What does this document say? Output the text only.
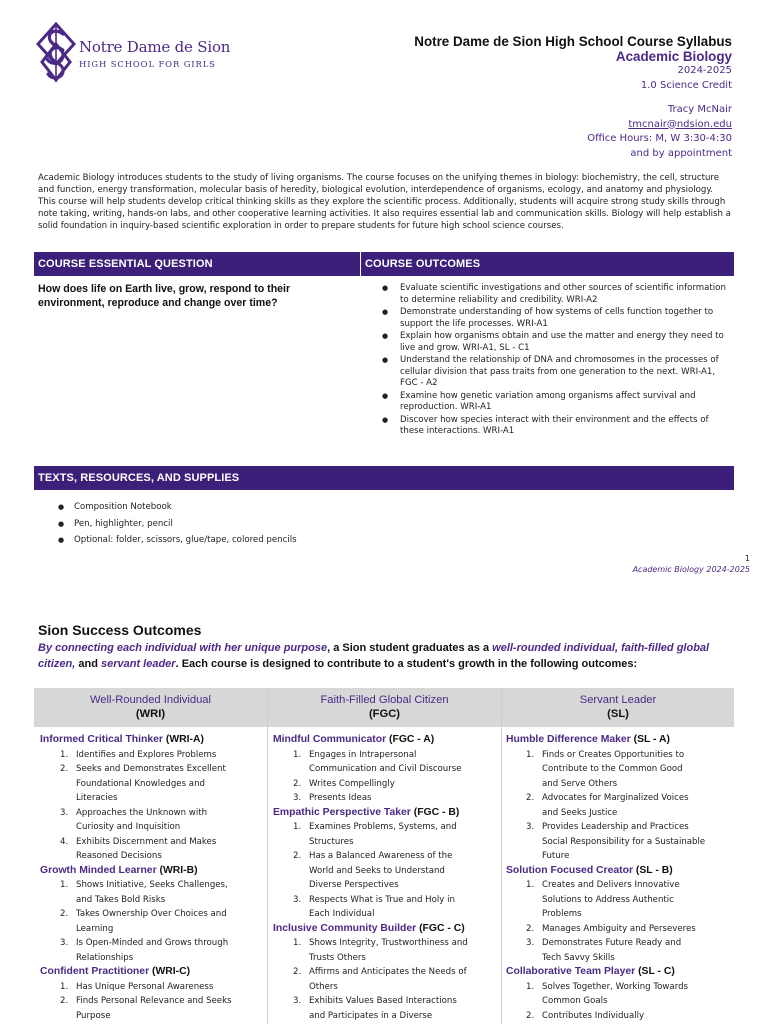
Notre Dame de Sion
HIGH SCHOOL FOR GIRLS
Notre Dame de Sion High School Course Syllabus
Academic Biology
2024-2025
1.0 Science Credit
Tracy McNair
tmcnair@ndsion.edu
Office Hours: M, W 3:30-4:30
and by appointment

Academic Biology introduces students to the study of living organisms. The course focuses on the unifying themes in biology: biochemistry, the cell, structure and function, energy transformation, molecular basis of heredity, biological evolution, interdependence of organisms, ecology, and anatomy and physiology. This course will help students develop critical thinking skills as they explore the scientific process. Additionally, students will acquire strong study skills through note taking, writing, hands-on labs, and other cooperative learning activities. It also requires essential lab and communication skills. Biology will help establish a solid foundation in inquiry-based scientific exploration in order to prepare students for future high school science courses.

COURSE ESSENTIAL QUESTION	COURSE OUTCOMES
How does life on Earth live, grow, respond to their environment, reproduce and change over time?
● Evaluate scientific investigations and other sources of scientific information to determine reliability and credibility. WRI-A2
● Demonstrate understanding of how systems of cells function together to support the life processes. WRI-A1
● Explain how organisms obtain and use the matter and energy they need to live and grow. WRI-A1, SL - C1
● Understand the relationship of DNA and chromosomes in the processes of cellular division that pass traits from one generation to the next. WRI-A1, FGC - A2
● Examine how genetic variation among organisms affect survival and reproduction. WRI-A1
● Discover how species interact with their environment and the effects of these interactions. WRI-A1
TEXTS, RESOURCES, AND SUPPLIES
● Composition Notebook
● Pen, highlighter, pencil
● Optional: folder, scissors, glue/tape, colored pencils
1
Academic Biology 2024-2025
Sion Success Outcomes
By connecting each individual with her unique purpose, a Sion student graduates as a well-rounded individual, faith-filled global citizen, and servant leader. Each course is designed to contribute to a student's growth in the following outcomes:
Well-Rounded Individual
(WRI)
Faith-Filled Global Citizen
(FGC)
Servant Leader
(SL)
Informed Critical Thinker (WRI-A)
1. Identifies and Explores Problems
2. Seeks and Demonstrates Excellent
Foundational Knowledges and
Literacies
3. Approaches the Unknown with
Curiosity and Inquisition
4. Exhibits Discernment and Makes
Reasoned Decisions
Growth Minded Learner (WRI-B)
1. Shows Initiative, Seeks Challenges,
and Takes Bold Risks
2. Takes Ownership Over Choices and
Learning
3. Is Open-Minded and Grows through
Relationships
Confident Practitioner (WRI-C)
1. Has Unique Personal Awareness
2. Finds Personal Relevance and Seeks
Purpose
Mindful Communicator (FGC - A)
1. Engages in Intrapersonal
Communication and Civil Discourse
2. Writes Compellingly
3. Presents Ideas
Empathic Perspective Taker (FGC - B)
1. Examines Problems, Systems, and
Structures
2. Has a Balanced Awareness of the
World and Seeks to Understand
Diverse Perspectives
3. Respects What is True and Holy in
Each Individual
Inclusive Community Builder (FGC - C)
1. Shows Integrity, Trustworthiness and
Trusts Others
2. Affirms and Anticipates the Needs of
Others
3. Exhibits Values Based Interactions
and Participates in a Diverse
Humble Difference Maker (SL - A)
1. Finds or Creates Opportunities to
Contribute to the Common Good
and Serve Others
2. Advocates for Marginalized Voices
and Seeks Justice
3. Provides Leadership and Practices
Social Responsibility for a Sustainable
Future
Solution Focused Creator (SL - B)
1. Creates and Delivers Innovative
Solutions to Address Authentic
Problems
2. Manages Ambiguity and Perseveres
3. Demonstrates Future Ready and
Tech Savvy Skills
Collaborative Team Player (SL - C)
1. Solves Together, Working Towards
Common Goals
2. Contributes Individually
